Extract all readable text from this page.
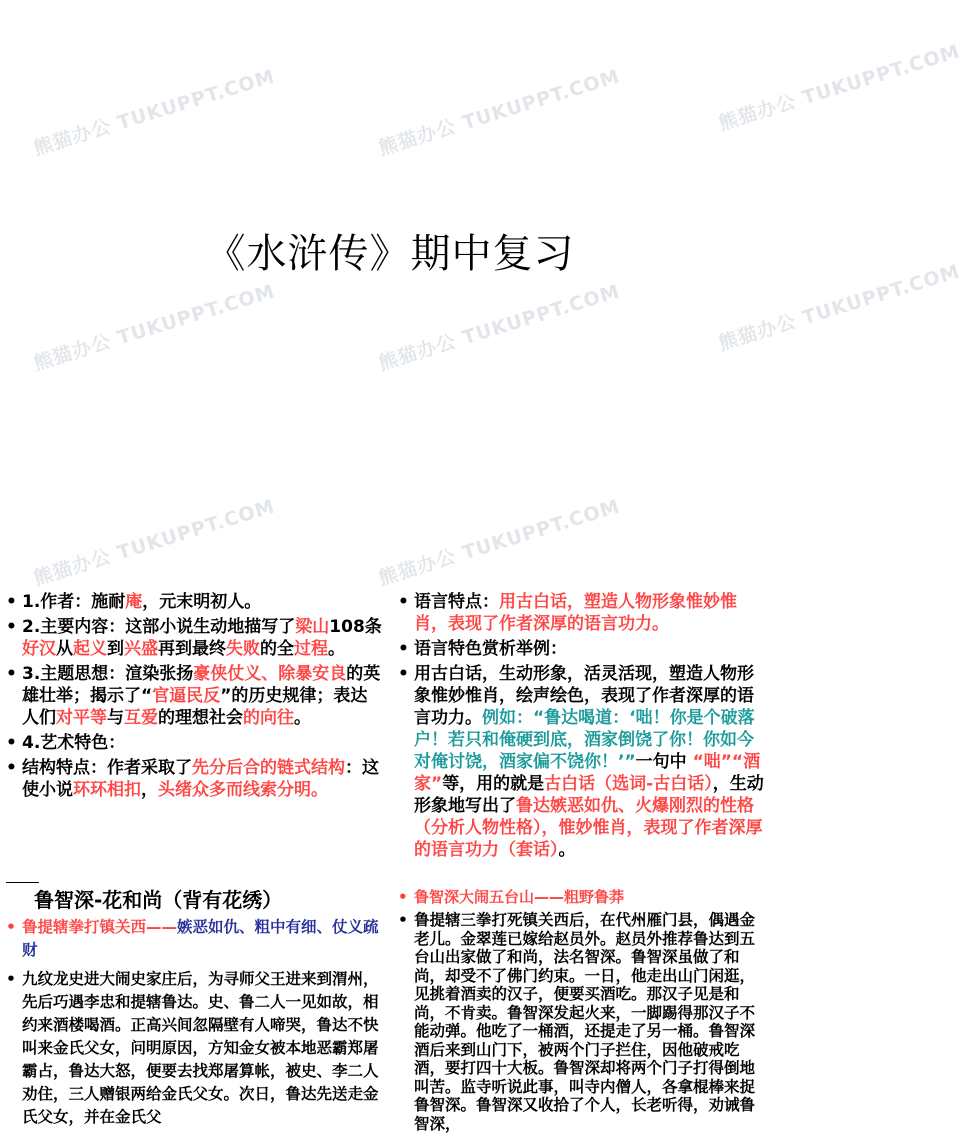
熊猫办公 TUKUPPT.COM	熊猫办公 TUKUPPT.COM	熊猫办公 TUKUPPT.COM
熊猫办公 TUKUPPT.COM	熊猫办公 TUKUPPT.COM	熊猫办公 TUKUPPT.COM
熊猫办公 TUKUPPT.COM	熊猫办公 TUKUPPT.COM
《水浒传》期中复习

• 1.作者：施耐庵，元末明初人。

• 2.主要内容：这部小说生动地描写了梁山108条好汉从起义到兴盛再到最终失败的全过程。

• 3.主题思想：渲染张扬豪侠仗义、除暴安良的英雄壮举；揭示了“官逼民反”的历史规律；表达人们对平等与互爱的理想社会的向往。

• 4.艺术特色：

• 结构特点：作者采取了先分后合的链式结构：这使小说环环相扣，头绪众多而线索分明。

• 语言特点：用古白话，塑造人物形象惟妙惟肖，表现了作者深厚的语言功力。

• 语言特色赏析举例：

• 用古白话，生动形象，活灵活现，塑造人物形象惟妙惟肖，绘声绘色，表现了作者深厚的语言功力。例如：“鲁达喝道：‘咄！你是个破落户！若只和俺硬到底，酒家倒饶了你！你如今对俺讨饶，酒家偏不饶你！’”一句中 “咄”“酒家”等，用的就是古白话（选词-古白话），生动形象地写出了鲁达嫉恶如仇、火爆刚烈的性格（分析人物性格），惟妙惟肖，表现了作者深厚的语言功力（套话）。

鲁智深-花和尚（背有花绣）

• 鲁提辖拳打镇关西——嫉恶如仇、粗中有细、仗义疏财

• 九纹龙史进大闹史家庄后，为寻师父王进来到渭州，先后巧遇李忠和提辖鲁达。史、鲁二人一见如故，相约来酒楼喝酒。正高兴间忽隔壁有人啼哭，鲁达不快叫来金氏父女，问明原因，方知金女被本地恶霸郑屠霸占，鲁达大怒，便要去找郑屠算帐，被史、李二人劝住，三人赠银两给金氏父女。次日，鲁达先送走金氏父女，并在金氏父

• 鲁智深大闹五台山——粗野鲁莽

• 鲁提辖三拳打死镇关西后，在代州雁门县，偶遇金老儿。金翠莲已嫁给赵员外。赵员外推荐鲁达到五台山出家做了和尚，法名智深。鲁智深虽做了和尚，却受不了佛门约束。一日，他走出山门闲逛，见挑着酒卖的汉子，便要买酒吃。那汉子见是和尚，不肯卖。鲁智深发起火来，一脚踢得那汉子不能动弹。他吃了一桶酒，还提走了另一桶。鲁智深酒后来到山门下，被两个门子拦住，因他破戒吃酒，要打四十大板。鲁智深却将两个门子打得倒地叫苦。监寺听说此事，叫寺内僧人，各拿棍棒来捉鲁智深。鲁智深又收拾了个人，长老听得，劝诫鲁智深，
